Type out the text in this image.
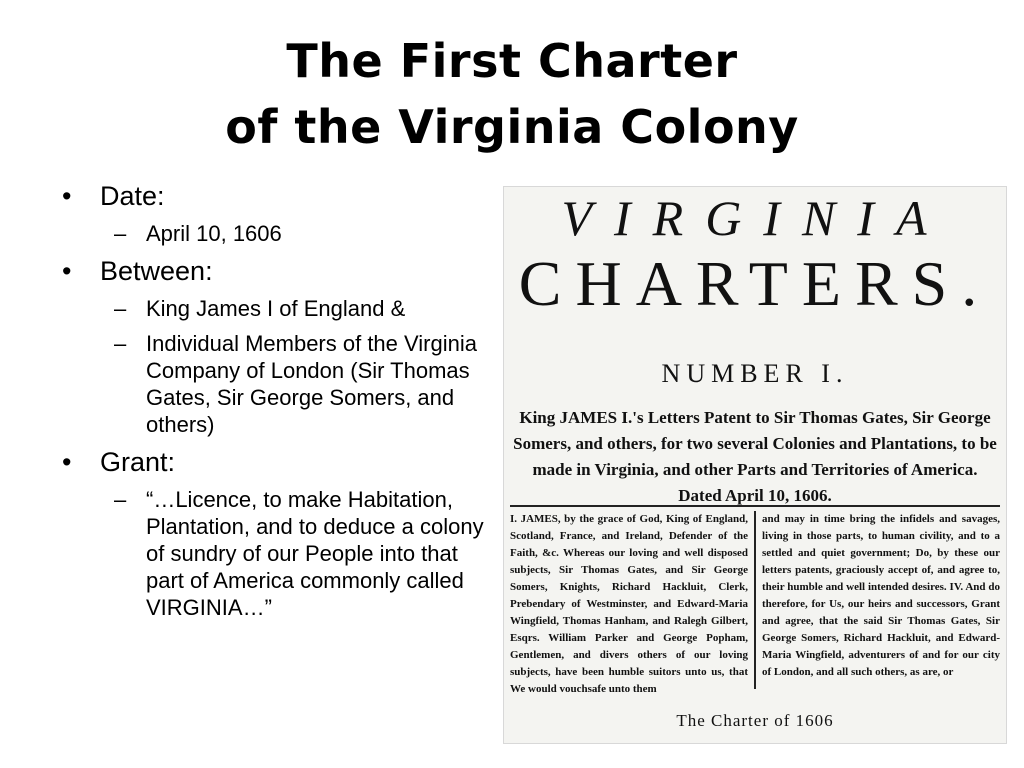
The First Charter
of the Virginia Colony
• Date:
– April 10, 1606
• Between:
– King James I of England &
– Individual Members of the Virginia Company of London (Sir Thomas Gates, Sir George Somers, and others)
• Grant:
– “…Licence, to make Habitation, Plantation, and to deduce a colony of sundry of our People into that part of America commonly called VIRGINIA…”
VIRGINIA
CHARTERS.
NUMBER I.
King JAMES I.'s Letters Patent to Sir Thomas Gates, Sir George Somers, and others, for two several Colonies and Plantations, to be made in Virginia, and other Parts and Territories of America. Dated April 10, 1606.
I. JAMES, by the grace of God, King of England, Scotland, France, and Ireland, Defender of the Faith, &c. Whereas our loving and well disposed subjects, Sir Thomas Gates, and Sir George Somers, Knights, Richard Hackluit, Clerk, Prebendary of Westminster, and Edward-Maria Wingfield, Thomas Hanham, and Ralegh Gilbert, Esqrs. William Parker and George Popham, Gentlemen, and divers others of our loving subjects, have been humble suitors unto us, that We would vouchsafe unto them
and may in time bring the infidels and savages, living in those parts, to human civility, and to a settled and quiet government; Do, by these our letters patents, graciously accept of, and agree to, their humble and well intended desires. IV. And do therefore, for Us, our heirs and successors, Grant and agree, that the said Sir Thomas Gates, Sir George Somers, Richard Hackluit, and Edward-Maria Wingfield, adventurers of and for our city of London, and all such others, as are, or
The Charter of 1606
